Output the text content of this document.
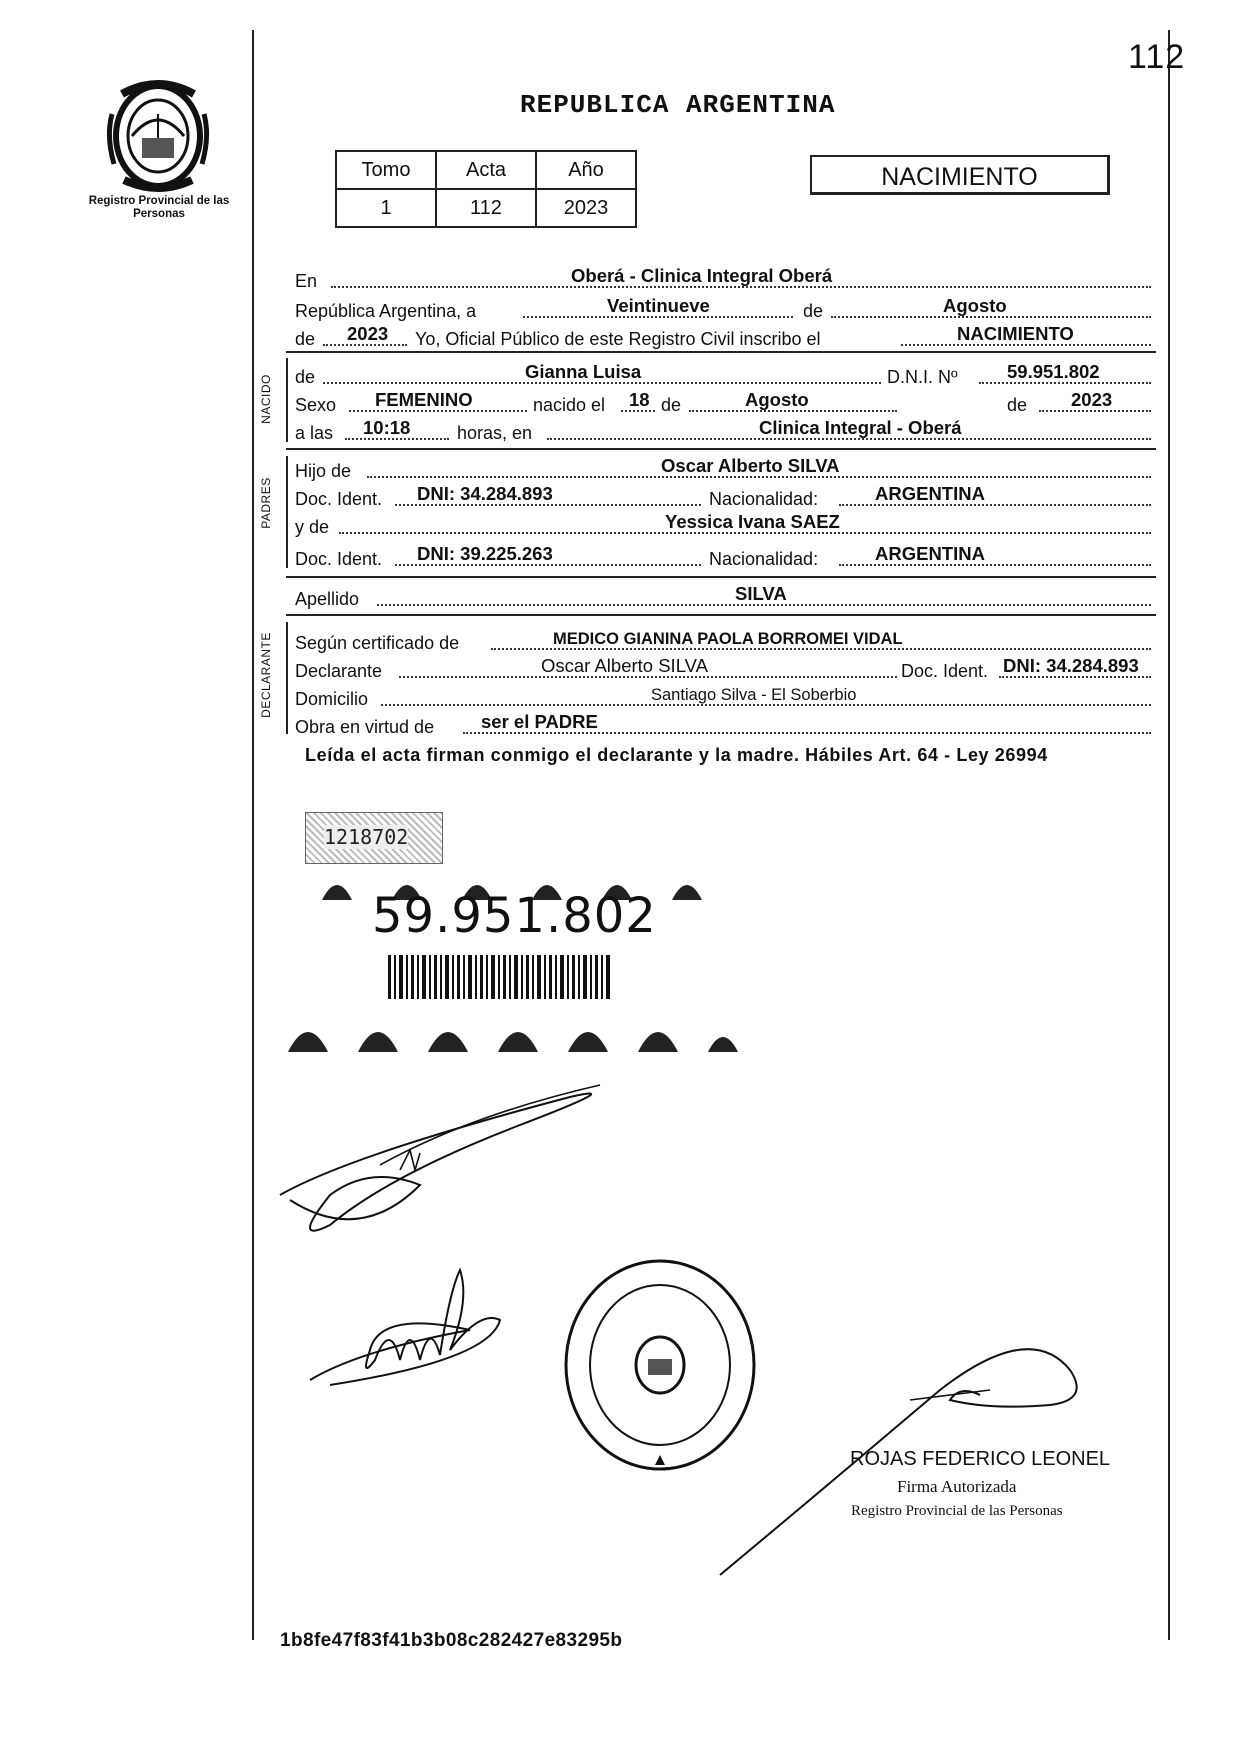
112
REPUBLICA ARGENTINA
Registro Provincial de las Personas
Tomo	Acta	Año
1	112	2023
NACIMIENTO
En	Oberá - Clinica Integral Oberá
República Argentina, a	Veintinueve	de	Agosto
de 2023 Yo, Oficial Público de este Registro Civil inscribo el	NACIMIENTO
NACIDO de	Gianna Luisa	D.N.I. Nº	59.951.802
Sexo FEMENINO	nacido el 18 de	Agosto	de 2023
a las 10:18	horas, en	Clinica Integral - Oberá
PADRES
Hijo de	Oscar Alberto SILVA
Doc. Ident. DNI: 34.284.893	Nacionalidad:	ARGENTINA
y de	Yessica Ivana SAEZ
Doc. Ident. DNI: 39.225.263	Nacionalidad:	ARGENTINA
Apellido	SILVA
DECLARANTE Según certificado de	MEDICO GIANINA PAOLA BORROMEI VIDAL
Declarante	Oscar Alberto SILVA	Doc. Ident. DNI: 34.284.893
Domicilio	Santiago Silva - El Soberbio
Obra en virtud de	ser el PADRE
Leída el acta firman conmigo el declarante y la madre. Hábiles Art. 64 - Ley 26994
1218702
59.951.802
ROJAS FEDERICO LEONEL
Firma Autorizada
Registro Provincial de las Personas
1b8fe47f83f41b3b08c282427e83295b
